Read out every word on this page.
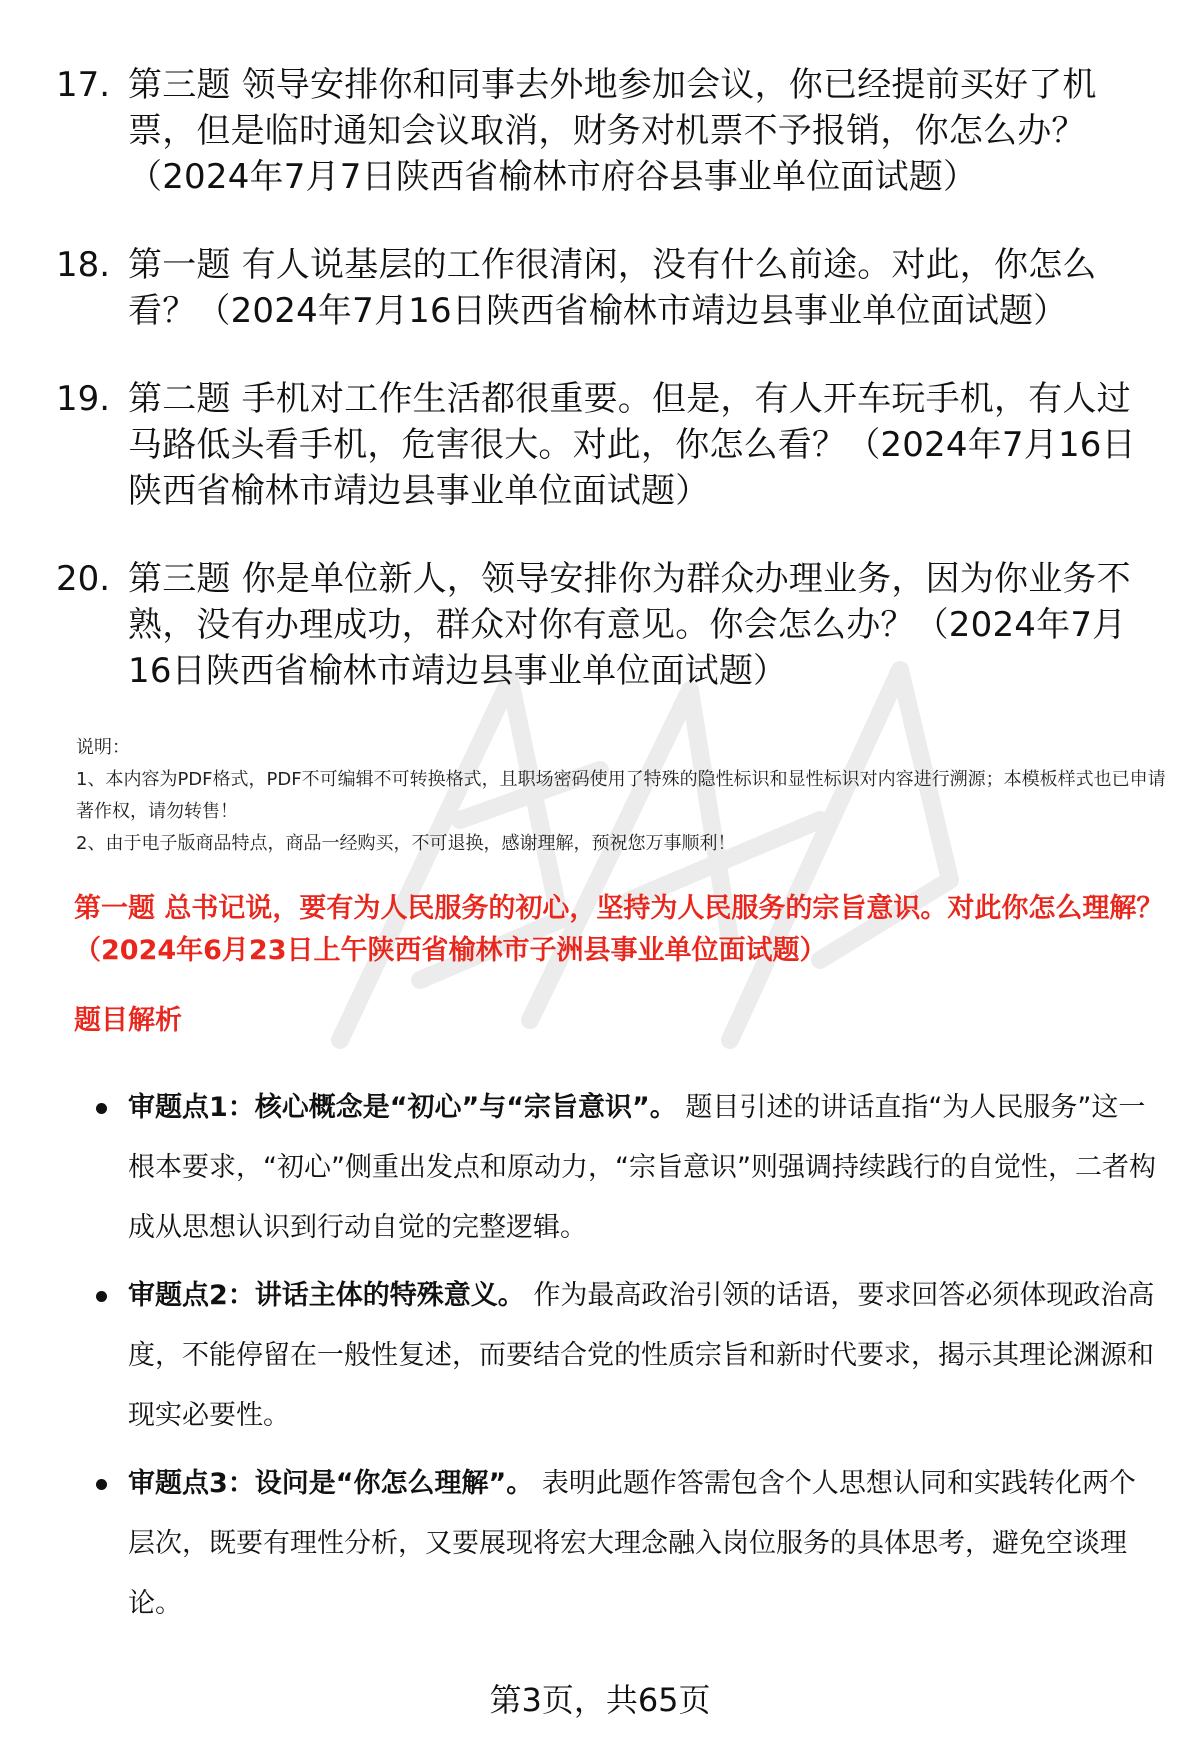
17. 第三题 领导安排你和同事去外地参加会议，你已经提前买好了机票，但是临时通知会议取消，财务对机票不予报销，你怎么办？（2024年7月7日陕西省榆林市府谷县事业单位面试题）
18. 第一题 有人说基层的工作很清闲，没有什么前途。对此，你怎么看？（2024年7月16日陕西省榆林市靖边县事业单位面试题）
19. 第二题 手机对工作生活都很重要。但是，有人开车玩手机，有人过马路低头看手机，危害很大。对此，你怎么看？（2024年7月16日陕西省榆林市靖边县事业单位面试题）
20. 第三题 你是单位新人，领导安排你为群众办理业务，因为你业务不熟，没有办理成功，群众对你有意见。你会怎么办？（2024年7月16日陕西省榆林市靖边县事业单位面试题）

说明：

1、本内容为PDF格式，PDF不可编辑不可转换格式，且职场密码使用了特殊的隐性标识和显性标识对内容进行溯源；本模板样式也已申请著作权，请勿转售！

2、由于电子版商品特点，商品一经购买，不可退换，感谢理解，预祝您万事顺利！

第一题 总书记说，要有为人民服务的初心，坚持为人民服务的宗旨意识。对此你怎么理解？（2024年6月23日上午陕西省榆林市子洲县事业单位面试题）
题目解析
审题点1：核心概念是“初心”与“宗旨意识”。 题目引述的讲话直指“为人民服务”这一根本要求，“初心”侧重出发点和原动力，“宗旨意识”则强调持续践行的自觉性，二者构成从思想认识到行动自觉的完整逻辑。
审题点2：讲话主体的特殊意义。 作为最高政治引领的话语，要求回答必须体现政治高度，不能停留在一般性复述，而要结合党的性质宗旨和新时代要求，揭示其理论渊源和现实必要性。
审题点3：设问是“你怎么理解”。 表明此题作答需包含个人思想认同和实践转化两个层次，既要有理性分析，又要展现将宏大理念融入岗位服务的具体思考，避免空谈理论。
第3页，共65页
